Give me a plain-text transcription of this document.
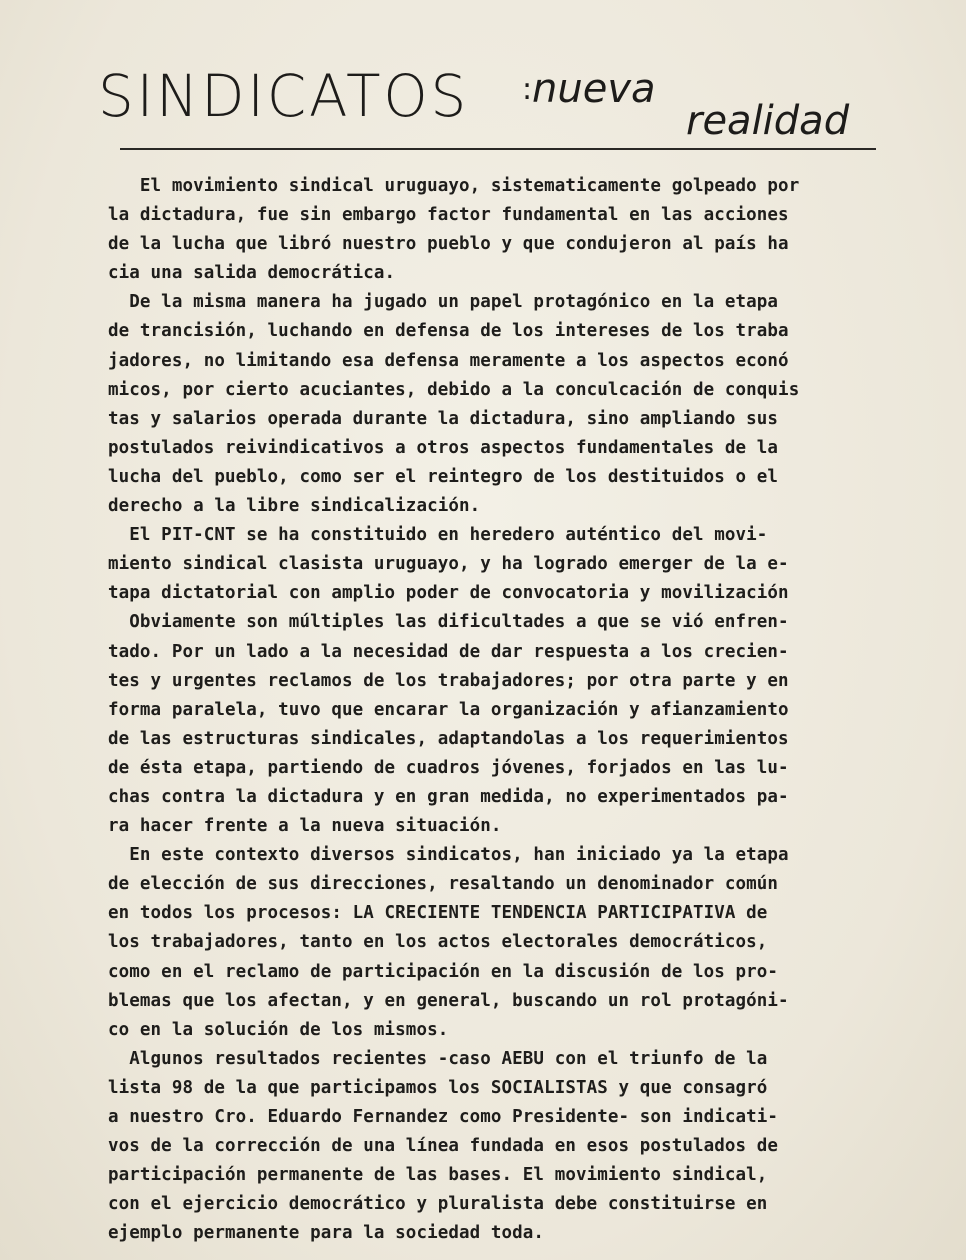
SINDICATOS : nueva
realidad
El movimiento sindical uruguayo, sistematicamente golpeado por
la dictadura, fue sin embargo factor fundamental en las acciones
de la lucha que libró nuestro pueblo y que condujeron al país ha
cia una salida democrática.
De la misma manera ha jugado un papel protagónico en la etapa
de trancisión, luchando en defensa de los intereses de los traba
jadores, no limitando esa defensa meramente a los aspectos econó
micos, por cierto acuciantes, debido a la conculcación de conquis
tas y salarios operada durante la dictadura, sino ampliando sus
postulados reivindicativos a otros aspectos fundamentales de la
lucha del pueblo, como ser el reintegro de los destituidos o el
derecho a la libre sindicalización.
El PIT-CNT se ha constituido en heredero auténtico del movi-
miento sindical clasista uruguayo, y ha logrado emerger de la e-
tapa dictatorial con amplio poder de convocatoria y movilización
Obviamente son múltiples las dificultades a que se vió enfren-
tado. Por un lado a la necesidad de dar respuesta a los crecien-
tes y urgentes reclamos de los trabajadores; por otra parte y en
forma paralela, tuvo que encarar la organización y afianzamiento
de las estructuras sindicales, adaptandolas a los requerimientos
de ésta etapa, partiendo de cuadros jóvenes, forjados en las lu-
chas contra la dictadura y en gran medida, no experimentados pa-
ra hacer frente a la nueva situación.
En este contexto diversos sindicatos, han iniciado ya la etapa
de elección de sus direcciones, resaltando un denominador común
en todos los procesos: LA CRECIENTE TENDENCIA PARTICIPATIVA de
los trabajadores, tanto en los actos electorales democráticos,
como en el reclamo de participación en la discusión de los pro-
blemas que los afectan, y en general, buscando un rol protagóni-
co en la solución de los mismos.
Algunos resultados recientes -caso AEBU con el triunfo de la
lista 98 de la que participamos los SOCIALISTAS y que consagró
a nuestro Cro. Eduardo Fernandez como Presidente- son indicati-
vos de la corrección de una línea fundada en esos postulados de
participación permanente de las bases. El movimiento sindical,
con el ejercicio democrático y pluralista debe constituirse en
ejemplo permanente para la sociedad toda.
